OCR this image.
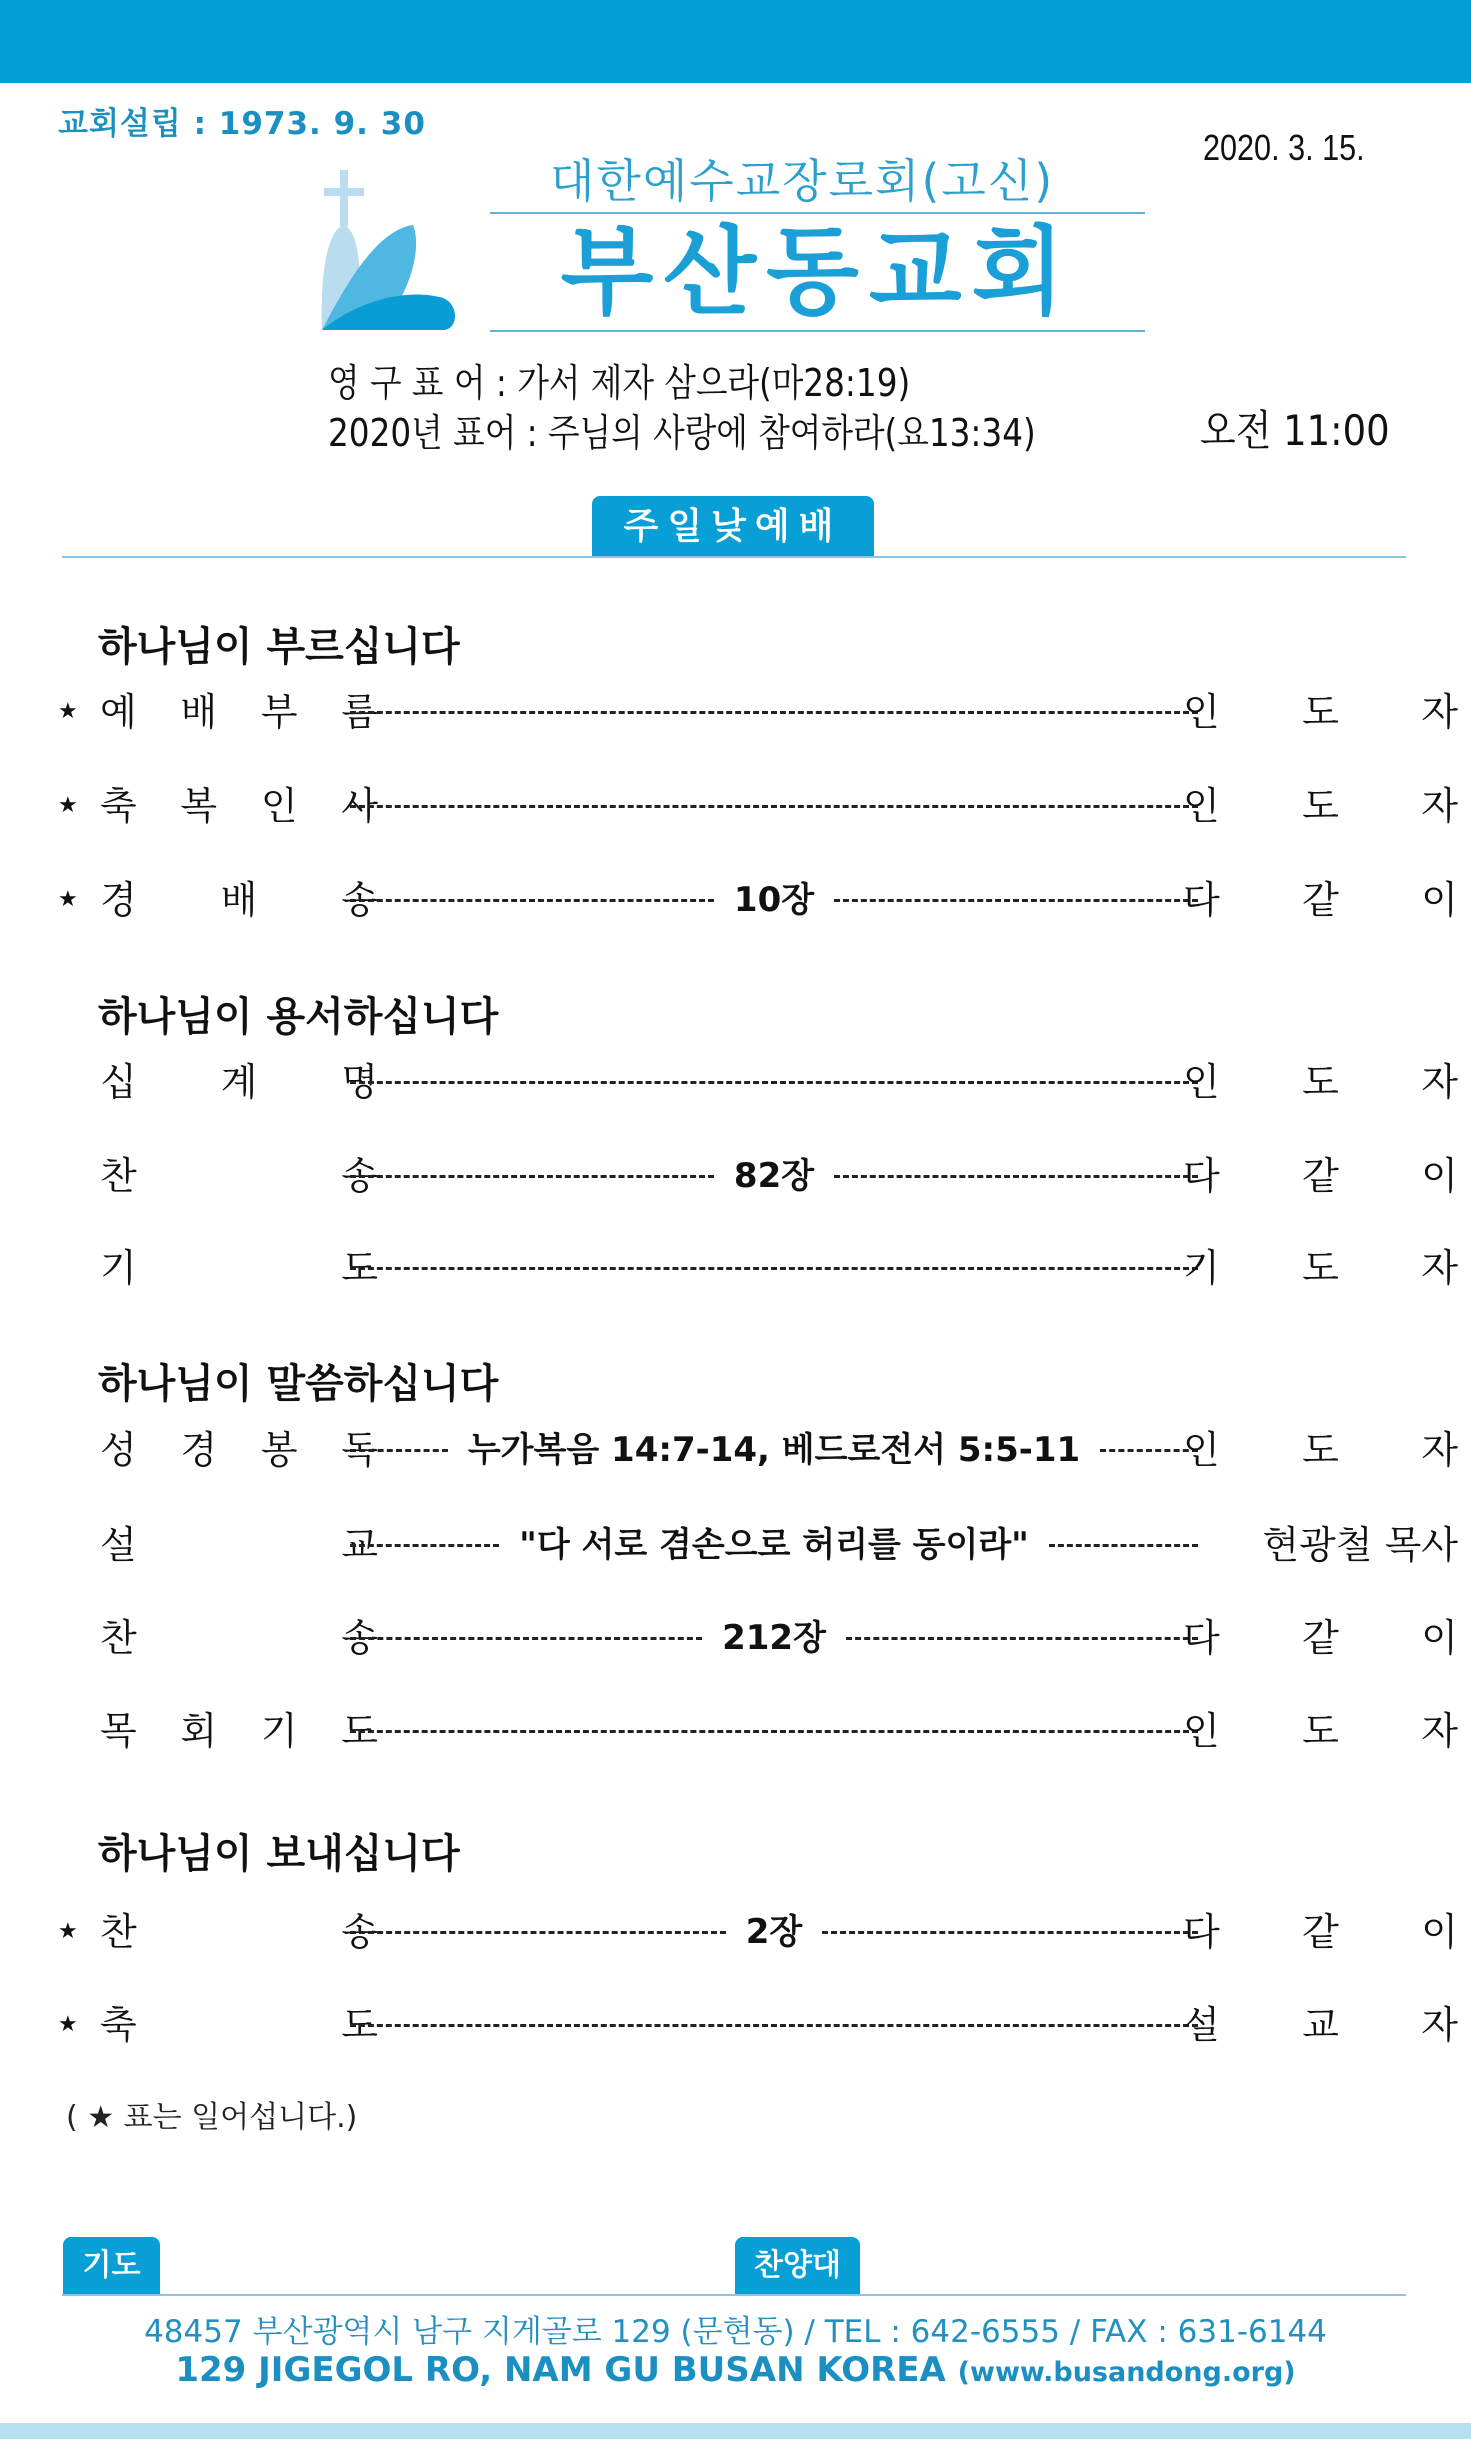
교회설립 : 1973. 9. 30
2020. 3. 15.
대한예수교장로회(고신)
부산동교회
영 구 표 어 : 가서 제자 삼으라(마28:19)
2020년 표어 : 주님의 사랑에 참여하라(요13:34)	오전 11:00
주일낮예배
하나님이 부르십니다
★ 예 배 부 름	인 도 자
★ 축 복 인 사	인 도 자
★ 경 배 송	10장	다 같 이
하나님이 용서하십니다
십 계 명	인 도 자
찬	송	82장	다 같 이
기	도	기 도 자
하나님이 말씀하십니다
성 경 봉 독	누가복음 14:7-14, 베드로전서 5:5-11	인 도 자
설	교	"다 서로 겸손으로 허리를 동이라"	현광철 목사
찬	송	212장	다 같 이
목 회 기 도	인 도 자
하나님이 보내십니다
★ 찬	송	2장	다 같 이
★ 축	도	설 교 자
( ★ 표는 일어섭니다.)
기도	찬양대
48457 부산광역시 남구 지게골로 129 (문현동) / TEL : 642-6555 / FAX : 631-6144
129 JIGEGOL RO, NAM GU BUSAN KOREA (www.busandong.org)
